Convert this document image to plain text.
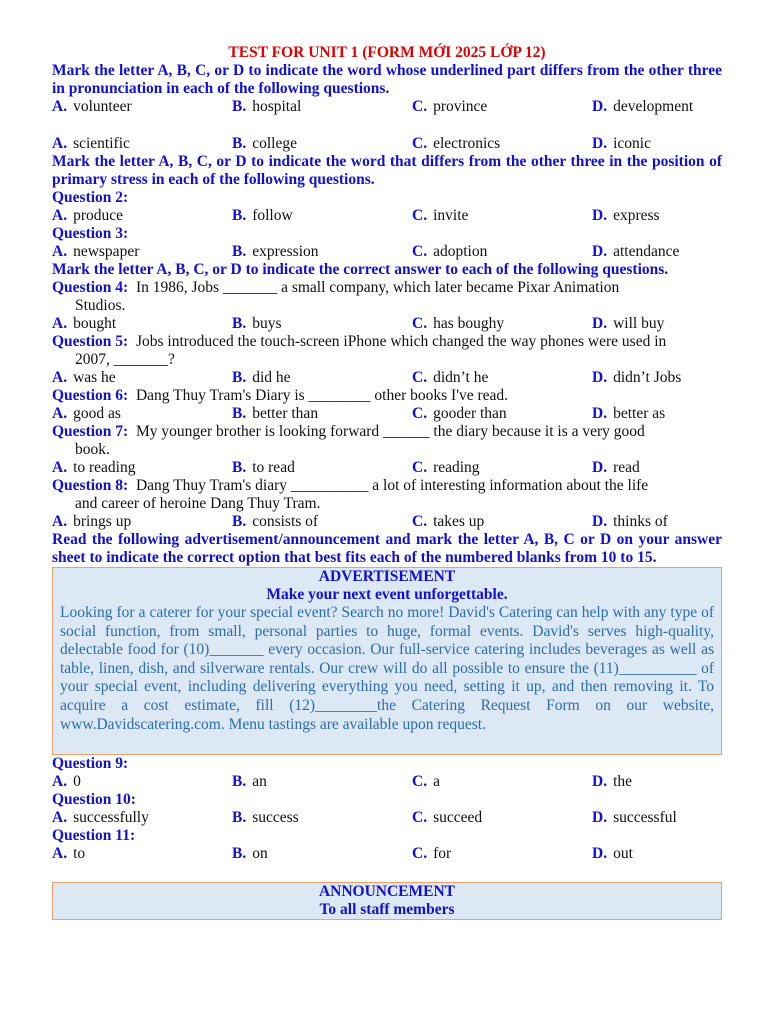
TEST FOR UNIT 1 (FORM MỚI 2025 LỚP 12)
Mark the letter A, B, C, or D to indicate the word whose underlined part differs from the other three in pronunciation in each of the following questions.
A. volunteer	B. hospital	C. province	D. development
A. scientific	B. college	C. electronics	D. iconic
Mark the letter A, B, C, or D to indicate the word that differs from the other three in the position of primary stress in each of the following questions.
Question 2:
A. produce	B. follow	C. invite	D. express
Question 3:
A. newspaper	B. expression	C. adoption	D. attendance
Mark the letter A, B, C, or D to indicate the correct answer to each of the following questions.
Question 4: In 1986, Jobs _______ a small company, which later became Pixar Animation
Studios.
A. bought	B. buys	C. has boughy	D. will buy
Question 5: Jobs introduced the touch-screen iPhone which changed the way phones were used in
2007, _______?
A. was he	B. did he	C. didn’t he	D. didn’t Jobs
Question 6: Dang Thuy Tram's Diary is ________ other books I've read.
A. good as	B. better than	C. gooder than	D. better as
Question 7: My younger brother is looking forward ______ the diary because it is a very good
book.
A. to reading	B. to read	C. reading	D. read
Question 8: Dang Thuy Tram's diary __________ a lot of interesting information about the life
and career of heroine Dang Thuy Tram.
A. brings up	B. consists of	C. takes up	D. thinks of
Read the following advertisement/announcement and mark the letter A, B, C or D on your answer sheet to indicate the correct option that best fits each of the numbered blanks from 10 to 15.
ADVERTISEMENT
Make your next event unforgettable.
Looking for a caterer for your special event? Search no more! David's Catering can help with any type of social function, from small, personal parties to huge, formal events. David's serves high-quality, delectable food for (10)_______ every occasion. Our full-service catering includes beverages as well as table, linen, dish, and silverware rentals. Our crew will do all possible to ensure the (11)__________ of your special event, including delivering everything you need, setting it up, and then removing it. To acquire a cost estimate, fill (12)________the Catering Request Form on our website, www.Davidscatering.com. Menu tastings are available upon request.
Question 9:
A. 0	B. an	C. a	D. the
Question 10:
A. successfully	B. success	C. succeed	D. successful
Question 11:
A. to	B. on	C. for	D. out
ANNOUNCEMENT
To all staff members
